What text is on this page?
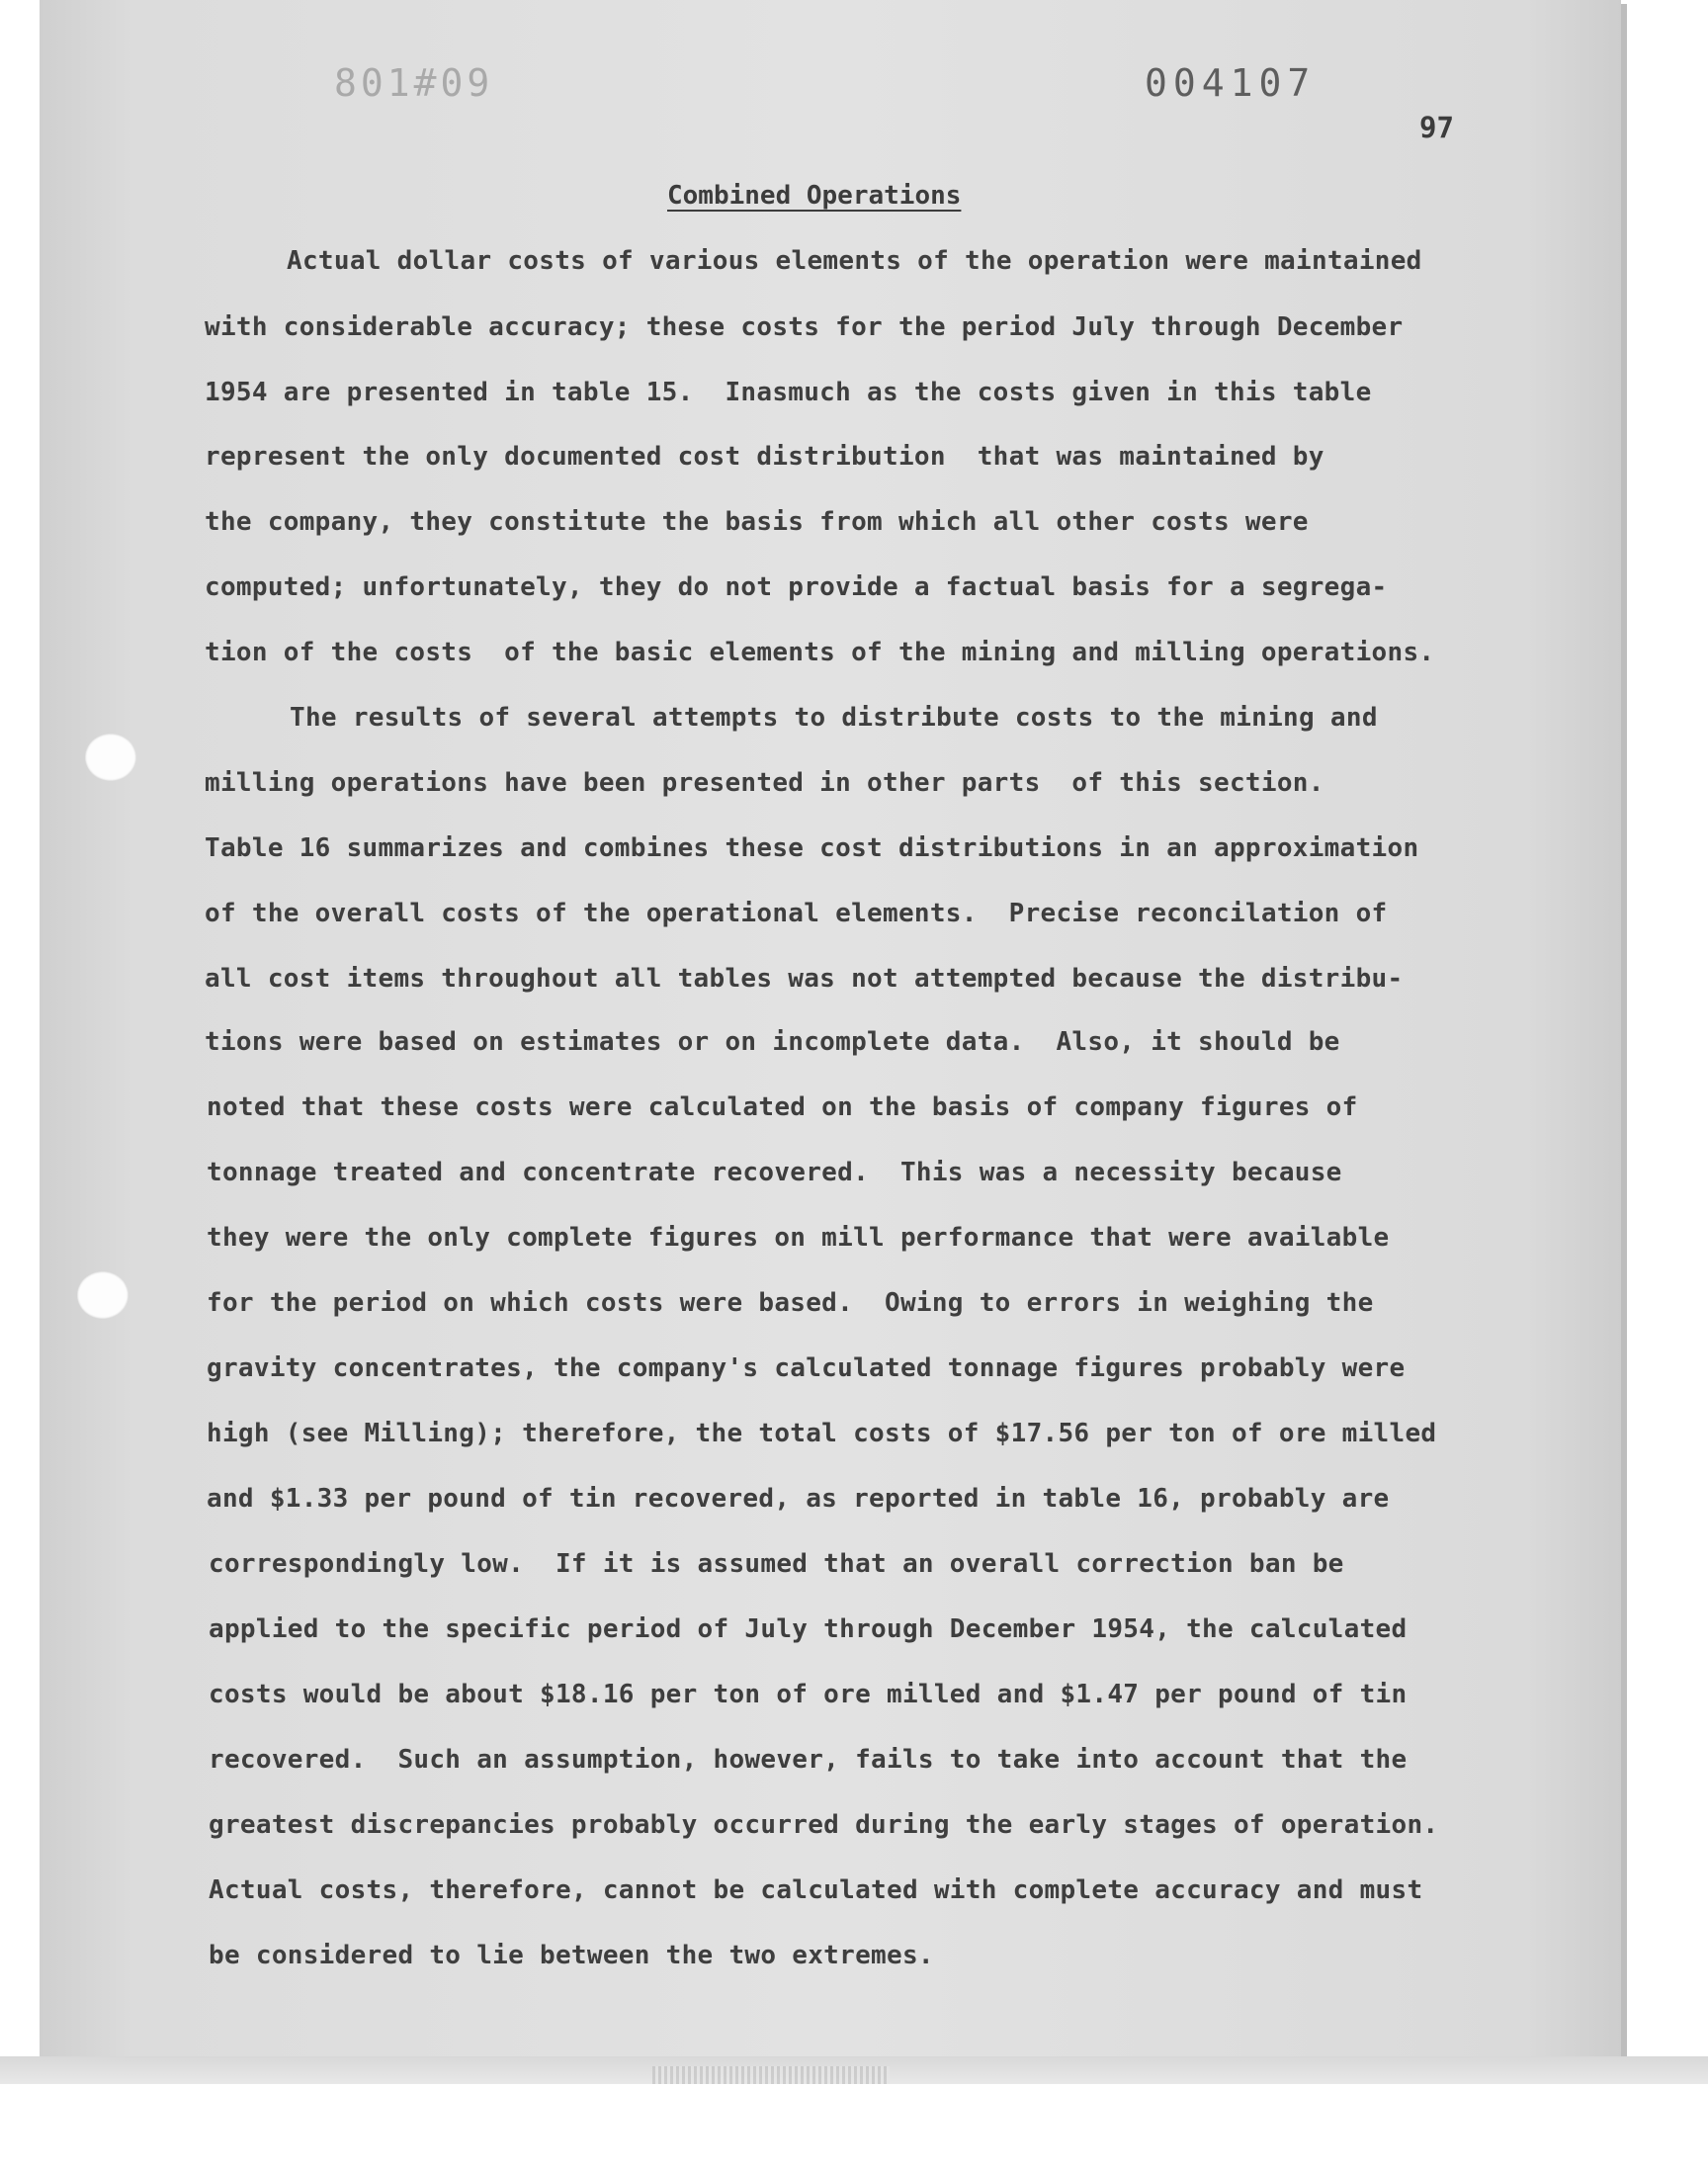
801#09	004107
97
Combined Operations
Actual dollar costs of various elements of the operation were maintained
with considerable accuracy; these costs for the period July through December
1954 are presented in table 15.  Inasmuch as the costs given in this table
represent the only documented cost distribution  that was maintained by
the company, they constitute the basis from which all other costs were
computed; unfortunately, they do not provide a factual basis for a segrega-
tion of the costs  of the basic elements of the mining and milling operations.
The results of several attempts to distribute costs to the mining and
milling operations have been presented in other parts  of this section.
Table 16 summarizes and combines these cost distributions in an approximation
of the overall costs of the operational elements.  Precise reconcilation of
all cost items throughout all tables was not attempted because the distribu-
tions were based on estimates or on incomplete data.  Also, it should be
noted that these costs were calculated on the basis of company figures of
tonnage treated and concentrate recovered.  This was a necessity because
they were the only complete figures on mill performance that were available
for the period on which costs were based.  Owing to errors in weighing the
gravity concentrates, the company's calculated tonnage figures probably were
high (see Milling); therefore, the total costs of $17.56 per ton of ore milled
and $1.33 per pound of tin recovered, as reported in table 16, probably are
correspondingly low.  If it is assumed that an overall correction ban be
applied to the specific period of July through December 1954, the calculated
costs would be about $18.16 per ton of ore milled and $1.47 per pound of tin
recovered.  Such an assumption, however, fails to take into account that the
greatest discrepancies probably occurred during the early stages of operation.
Actual costs, therefore, cannot be calculated with complete accuracy and must
be considered to lie between the two extremes.
